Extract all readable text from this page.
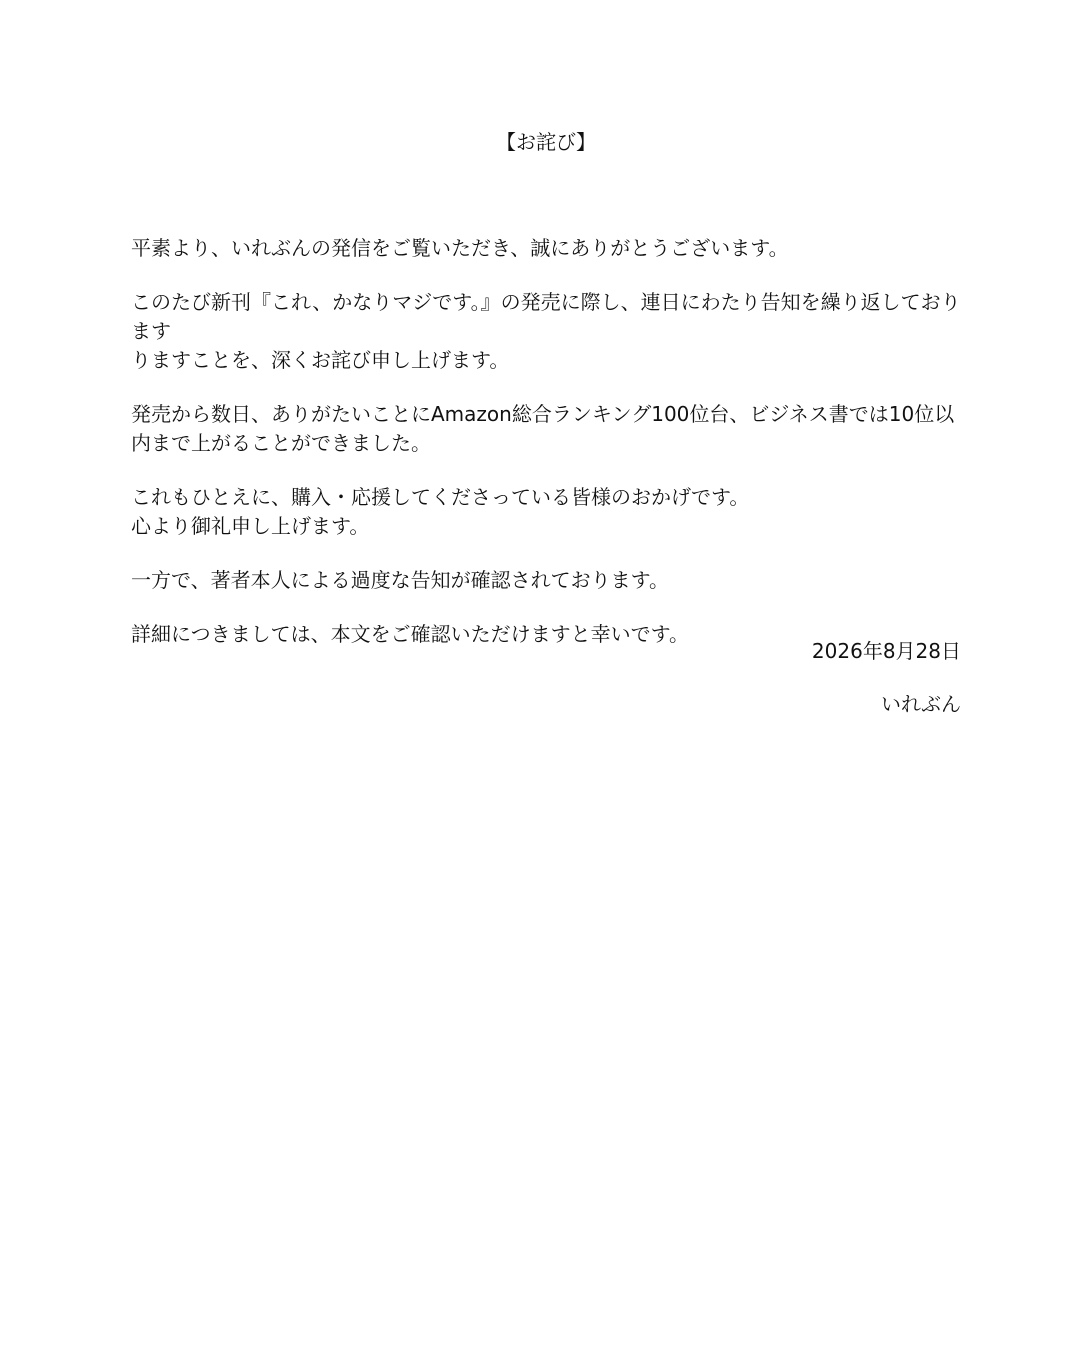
【お詫び】

平素より、いれぶんの発信をご覧いただき、誠にありがとうございます。

このたび新刊『これ、かなりマジです。』の発売に際し、連日にわたり告知を繰り返しております
りますことを、深くお詫び申し上げます。

発売から数日、ありがたいことにAmazon総合ランキング100位台、ビジネス書では10位以
内まで上がることができました。

これもひとえに、購入・応援してくださっている皆様のおかげです。
心より御礼申し上げます。

一方で、著者本人による過度な告知が確認されております。

詳細につきましては、本文をご確認いただけますと幸いです。

2026年8月28日
いれぶん
